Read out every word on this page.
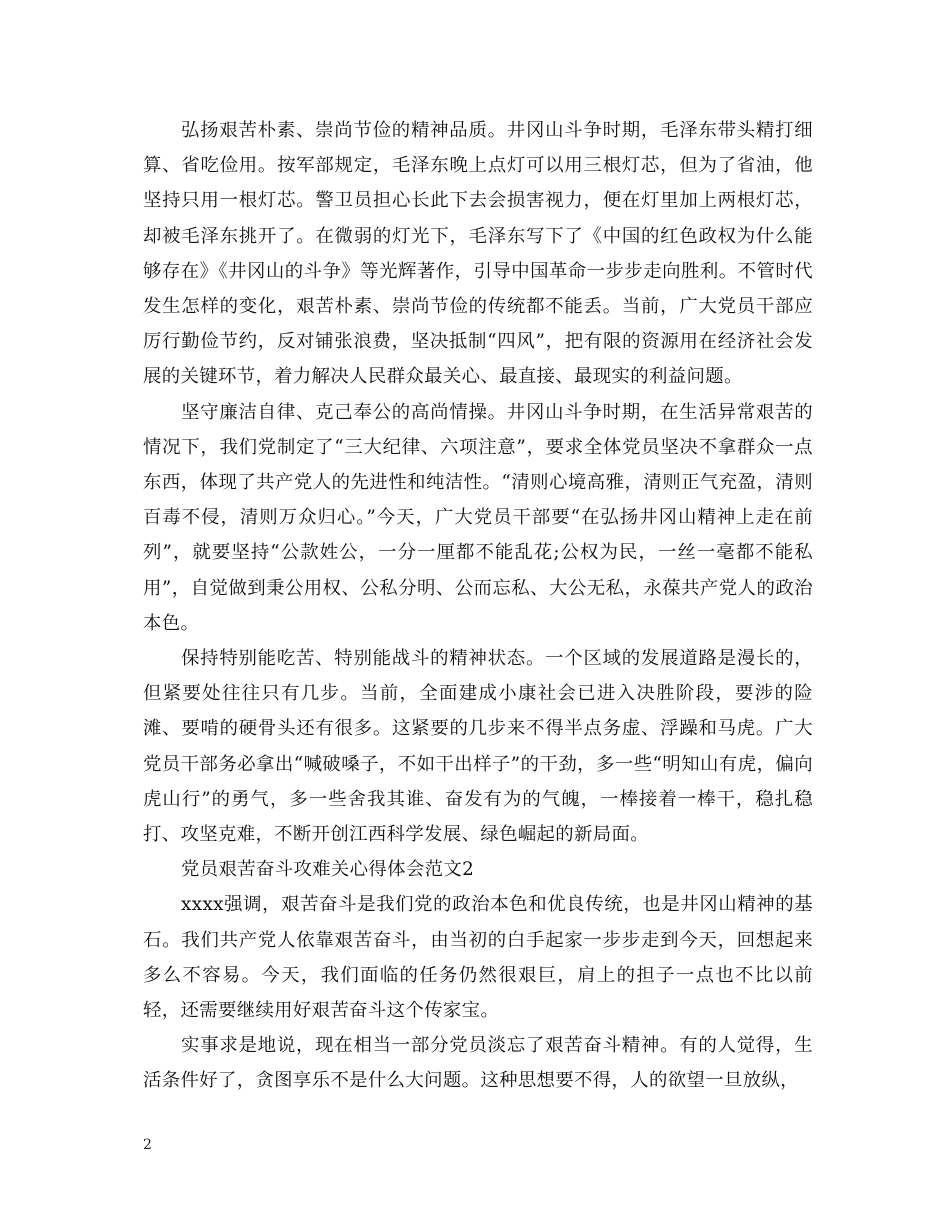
弘扬艰苦朴素、崇尚节俭的精神品质。井冈山斗争时期，毛泽东带头精打细算、省吃俭用。按军部规定，毛泽东晚上点灯可以用三根灯芯，但为了省油，他坚持只用一根灯芯。警卫员担心长此下去会损害视力，便在灯里加上两根灯芯，却被毛泽东挑开了。在微弱的灯光下，毛泽东写下了《中国的红色政权为什么能够存在》《井冈山的斗争》等光辉著作，引导中国革命一步步走向胜利。不管时代发生怎样的变化，艰苦朴素、崇尚节俭的传统都不能丢。当前，广大党员干部应厉行勤俭节约，反对铺张浪费，坚决抵制“四风”，把有限的资源用在经济社会发展的关键环节，着力解决人民群众最关心、最直接、最现实的利益问题。

坚守廉洁自律、克己奉公的高尚情操。井冈山斗争时期，在生活异常艰苦的情况下，我们党制定了“三大纪律、六项注意”，要求全体党员坚决不拿群众一点东西，体现了共产党人的先进性和纯洁性。“清则心境高雅，清则正气充盈，清则百毒不侵，清则万众归心。”今天，广大党员干部要“在弘扬井冈山精神上走在前列”，就要坚持“公款姓公，一分一厘都不能乱花;公权为民，一丝一毫都不能私用”，自觉做到秉公用权、公私分明、公而忘私、大公无私，永葆共产党人的政治本色。

保持特别能吃苦、特别能战斗的精神状态。一个区域的发展道路是漫长的，但紧要处往往只有几步。当前，全面建成小康社会已进入决胜阶段，要涉的险滩、要啃的硬骨头还有很多。这紧要的几步来不得半点务虚、浮躁和马虎。广大党员干部务必拿出“喊破嗓子，不如干出样子”的干劲，多一些“明知山有虎，偏向虎山行”的勇气，多一些舍我其谁、奋发有为的气魄，一棒接着一棒干，稳扎稳打、攻坚克难，不断开创江西科学发展、绿色崛起的新局面。

党员艰苦奋斗攻难关心得体会范文2

xxxx强调，艰苦奋斗是我们党的政治本色和优良传统，也是井冈山精神的基石。我们共产党人依靠艰苦奋斗，由当初的白手起家一步步走到今天，回想起来多么不容易。今天，我们面临的任务仍然很艰巨，肩上的担子一点也不比以前轻，还需要继续用好艰苦奋斗这个传家宝。

实事求是地说，现在相当一部分党员淡忘了艰苦奋斗精神。有的人觉得，生活条件好了，贪图享乐不是什么大问题。这种思想要不得，人的欲望一旦放纵，

2
